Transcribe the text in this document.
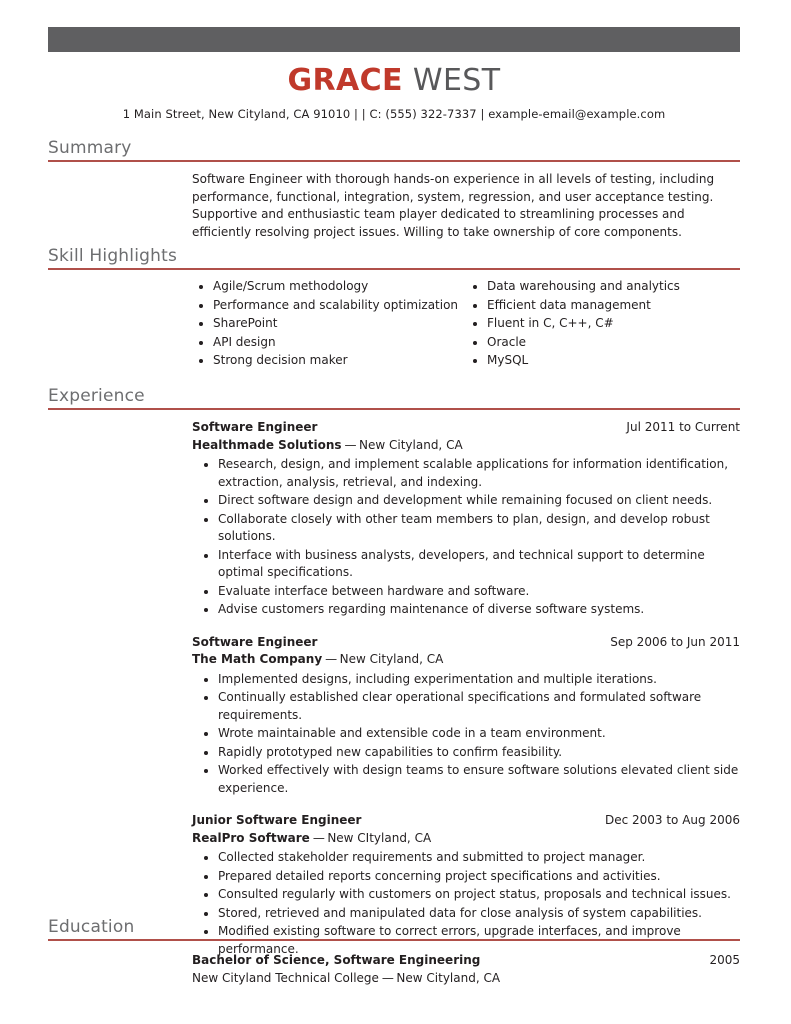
GRACE WEST
1 Main Street, New Cityland, CA 91010 | | C: (555) 322-7337 | example-email@example.com
Summary

Software Engineer with thorough hands-on experience in all levels of testing, including performance, functional, integration, system, regression, and user acceptance testing. Supportive and enthusiastic team player dedicated to streamlining processes and efficiently resolving project issues. Willing to take ownership of core components.

Skill Highlights
Agile/Scrum methodology
Performance and scalability optimization
SharePoint
API design
Strong decision maker
Data warehousing and analytics
Efficient data management
Fluent in C, C++, C#
Oracle
MySQL
Experience
Software Engineer	Jul 2011 to Current
Healthmade Solutions — New Cityland, CA
Research, design, and implement scalable applications for information identification, extraction, analysis, retrieval, and indexing.
Direct software design and development while remaining focused on client needs.
Collaborate closely with other team members to plan, design, and develop robust solutions.
Interface with business analysts, developers, and technical support to determine optimal specifications.
Evaluate interface between hardware and software.
Advise customers regarding maintenance of diverse software systems.
Software Engineer	Sep 2006 to Jun 2011
The Math Company — New Cityland, CA
Implemented designs, including experimentation and multiple iterations.
Continually established clear operational specifications and formulated software requirements.
Wrote maintainable and extensible code in a team environment.
Rapidly prototyped new capabilities to confirm feasibility.
Worked effectively with design teams to ensure software solutions elevated client side experience.
Junior Software Engineer	Dec 2003 to Aug 2006
RealPro Software — New CItyland, CA
Collected stakeholder requirements and submitted to project manager.
Prepared detailed reports concerning project specifications and activities.
Consulted regularly with customers on project status, proposals and technical issues.
Stored, retrieved and manipulated data for close analysis of system capabilities.
Modified existing software to correct errors, upgrade interfaces, and improve performance.
Education
Bachelor of Science, Software Engineering	2005
New Cityland Technical College — New Cityland, CA
